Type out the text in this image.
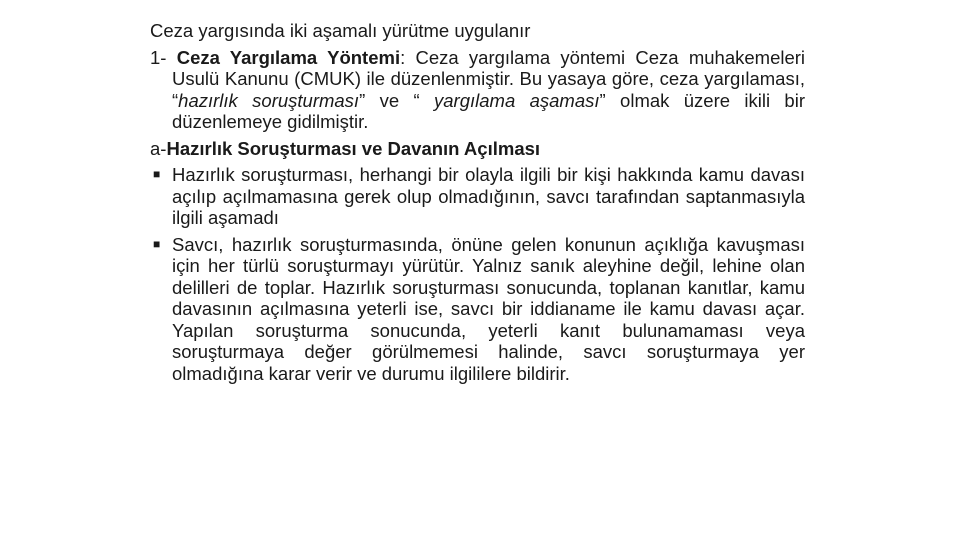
Ceza yargısında iki aşamalı yürütme uygulanır

1- Ceza Yargılama Yöntemi: Ceza yargılama yöntemi Ceza muhakemeleri Usulü Kanunu (CMUK) ile düzenlenmiştir. Bu yasaya göre, ceza yargılaması, “hazırlık soruşturması” ve “ yargılama aşaması” olmak üzere ikili bir düzenlemeye gidilmiştir.

a-Hazırlık Soruşturması ve Davanın Açılması

■ Hazırlık soruşturması, herhangi bir olayla ilgili bir kişi hakkında kamu davası açılıp açılmamasına gerek olup olmadığının, savcı tarafından saptanmasıyla ilgili aşamadı
■ Savcı, hazırlık soruşturmasında, önüne gelen konunun açıklığa kavuşması için her türlü soruşturmayı yürütür. Yalnız sanık aleyhine değil, lehine olan delilleri de toplar. Hazırlık soruşturması sonucunda, toplanan kanıtlar, kamu davasının açılmasına yeterli ise, savcı bir iddianame ile kamu davası açar. Yapılan soruşturma sonucunda, yeterli kanıt bulunamaması veya soruşturmaya değer görülmemesi halinde, savcı soruşturmaya yer olmadığına karar verir ve durumu ilgililere bildirir.
